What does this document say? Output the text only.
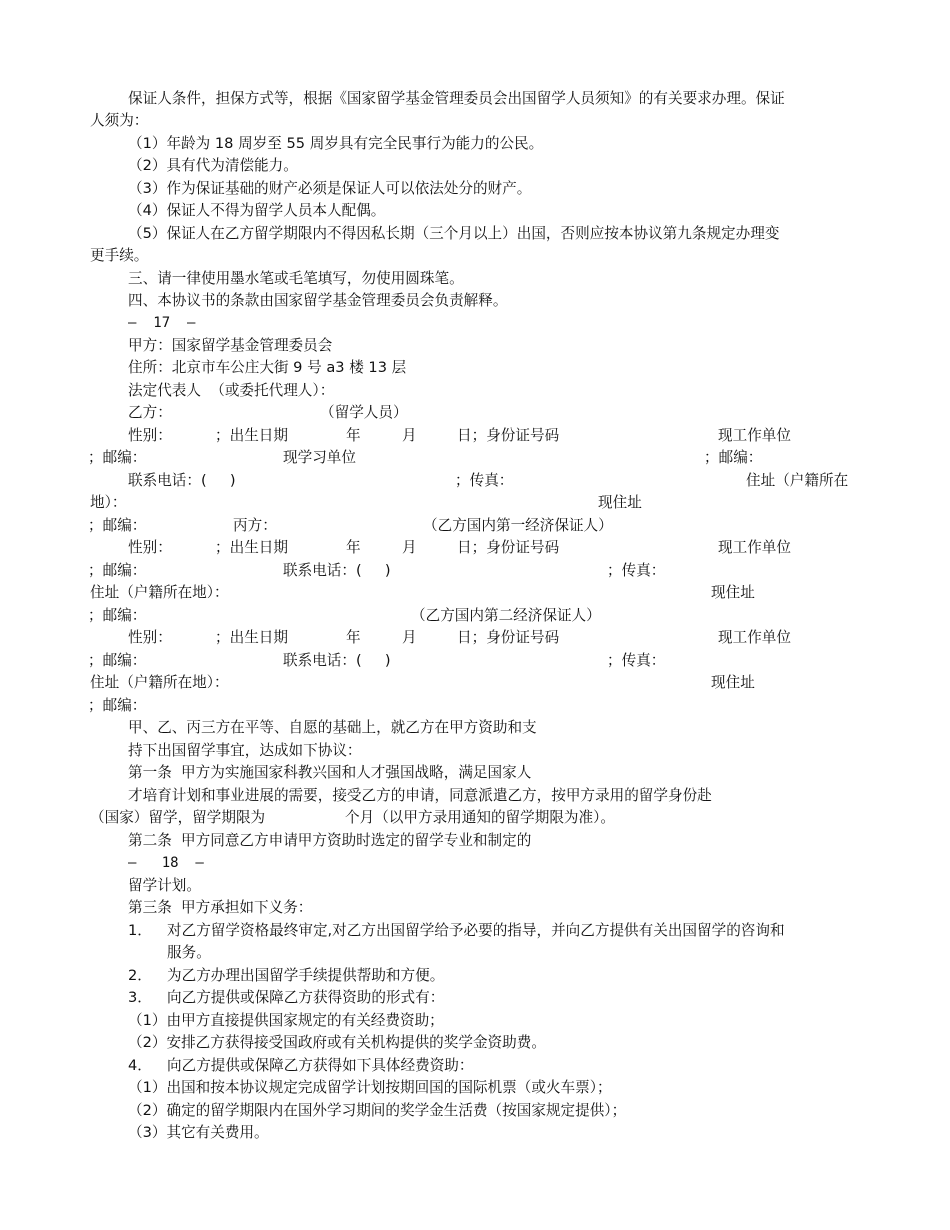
保证人条件，担保方式等，根据《国家留学基金管理委员会出国留学人员须知》的有关要求办理。保证
人须为：
（1）年龄为 18 周岁至 55 周岁具有完全民事行为能力的公民。
（2）具有代为清偿能力。
（3）作为保证基础的财产必须是保证人可以依法处分的财产。
（4）保证人不得为留学人员本人配偶。
（5）保证人在乙方留学期限内不得因私长期（三个月以上）出国，否则应按本协议第九条规定办理变
更手续。
三、请一律使用墨水笔或毛笔填写，勿使用圆珠笔。
四、本协议书的条款由国家留学基金管理委员会负责解释。
—  17  —
甲方：国家留学基金管理委员会
住所：北京市车公庄大街 9 号 a3 楼 13 层
法定代表人  （或委托代理人）：
乙方：	（留学人员）
性别：	；出生日期	年	月	日；身份证号码	现工作单位
；邮编：	现学习单位	；邮编：
联系电话：(     )	；传真：	住址（户籍所在
地）：	现住址
；邮编：	丙方：	（乙方国内第一经济保证人）
性别：	；出生日期	年	月	日；身份证号码	现工作单位
；邮编：	联系电话：(     )	；传真：
住址（户籍所在地）：	现住址
；邮编：	（乙方国内第二经济保证人）
性别：	；出生日期	年	月	日；身份证号码	现工作单位
；邮编：	联系电话：(     )	；传真：
住址（户籍所在地）：	现住址
；邮编：
甲、乙、丙三方在平等、自愿的基础上，就乙方在甲方资助和支
持下出国留学事宜，达成如下协议：
第一条  甲方为实施国家科教兴国和人才强国战略，满足国家人
才培育计划和事业进展的需要，接受乙方的申请，同意派遣乙方，按甲方录用的留学身份赴
（国家）留学，留学期限为	个月（以甲方录用通知的留学期限为准）。
第二条  甲方同意乙方申请甲方资助时选定的留学专业和制定的
—   18  —
留学计划。
第三条  甲方承担如下义务：
1． 对乙方留学资格最终审定,对乙方出国留学给予必要的指导，并向乙方提供有关出国留学的咨询和
服务。
2． 为乙方办理出国留学手续提供帮助和方便。
3． 向乙方提供或保障乙方获得资助的形式有：
（1）由甲方直接提供国家规定的有关经费资助；
（2）安排乙方获得接受国政府或有关机构提供的奖学金资助费。
4． 向乙方提供或保障乙方获得如下具体经费资助：
（1）出国和按本协议规定完成留学计划按期回国的国际机票（或火车票）；
（2）确定的留学期限内在国外学习期间的奖学金生活费（按国家规定提供）；
（3）其它有关费用。
